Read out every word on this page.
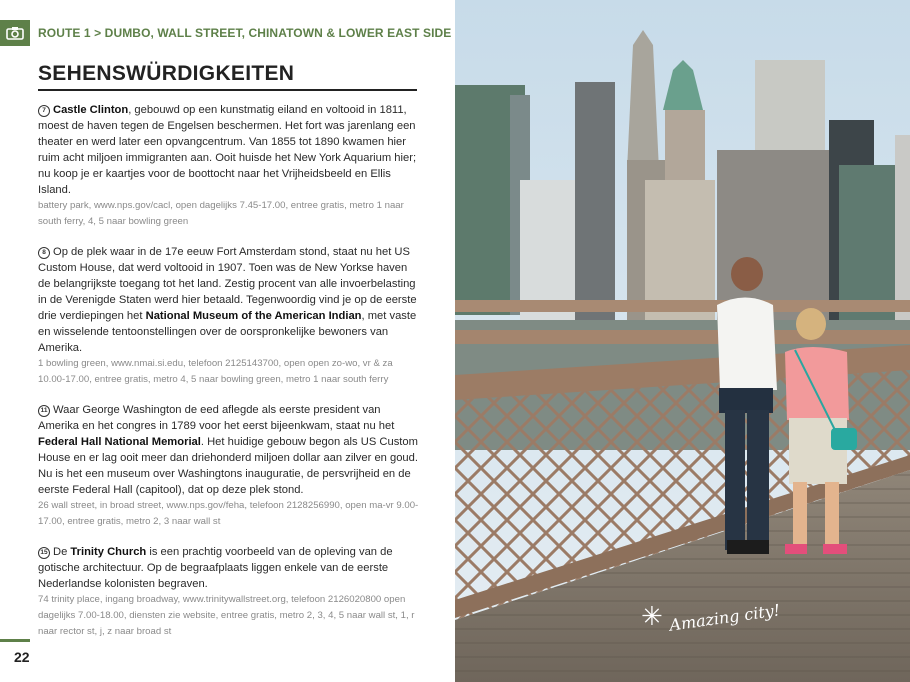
ROUTE 1 > DUMBO, WALL STREET, CHINATOWN & LOWER EAST SIDE
SEHENSWÜRDIGKEITEN

7 Castle Clinton, gebouwd op een kunstmatig eiland en voltooid in 1811, moest de haven tegen de Engelsen beschermen. Het fort was jarenlang een theater en werd later een opvangcentrum. Van 1855 tot 1890 kwamen hier ruim acht miljoen immigranten aan. Ooit huisde het New York Aquarium hier; nu koop je er kaartjes voor de boottocht naar het Vrijheidsbeeld en Ellis Island.

battery park, www.nps.gov/cacl, open dagelijks 7.45-17.00, entree gratis, metro 1 naar south ferry, 4, 5 naar bowling green

8 Op de plek waar in de 17e eeuw Fort Amsterdam stond, staat nu het US Custom House, dat werd voltooid in 1907. Toen was de New Yorkse haven de belangrijkste toegang tot het land. Zestig procent van alle invoerbelasting in de Verenigde Staten werd hier betaald. Tegenwoordig vind je op de eerste drie verdiepingen het National Museum of the American Indian, met vaste en wisselende tentoonstellingen over de oorspronkelijke bewoners van Amerika.

1 bowling green, www.nmai.si.edu, telefoon 2125143700, open open zo-wo, vr & za 10.00-17.00, entree gratis, metro 4, 5 naar bowling green, metro 1 naar south ferry

11 Waar George Washington de eed aflegde als eerste president van Amerika en het congres in 1789 voor het eerst bijeenkwam, staat nu het Federal Hall National Memorial. Het huidige gebouw begon als US Custom House en er lag ooit meer dan driehonderd miljoen dollar aan zilver en goud. Nu is het een museum over Washingtons inauguratie, de persvrijheid en de eerste Federal Hall (capitool), dat op deze plek stond.

26 wall street, in broad street, www.nps.gov/feha, telefoon 2128256990, open ma-vr 9.00-17.00, entree gratis, metro 2, 3 naar wall st

15 De Trinity Church is een prachtig voorbeeld van de opleving van de gotische architectuur. Op de begraafplaats liggen enkele van de eerste Nederlandse kolonisten begraven.

74 trinity place, ingang broadway, www.trinitywallstreet.org, telefoon 2126020800 open dagelijks 7.00-18.00, diensten zie website, entree gratis, metro 2, 3, 4, 5 naar wall st, 1, r naar rector st, j, z naar broad st

22
✳ Amazing city!
